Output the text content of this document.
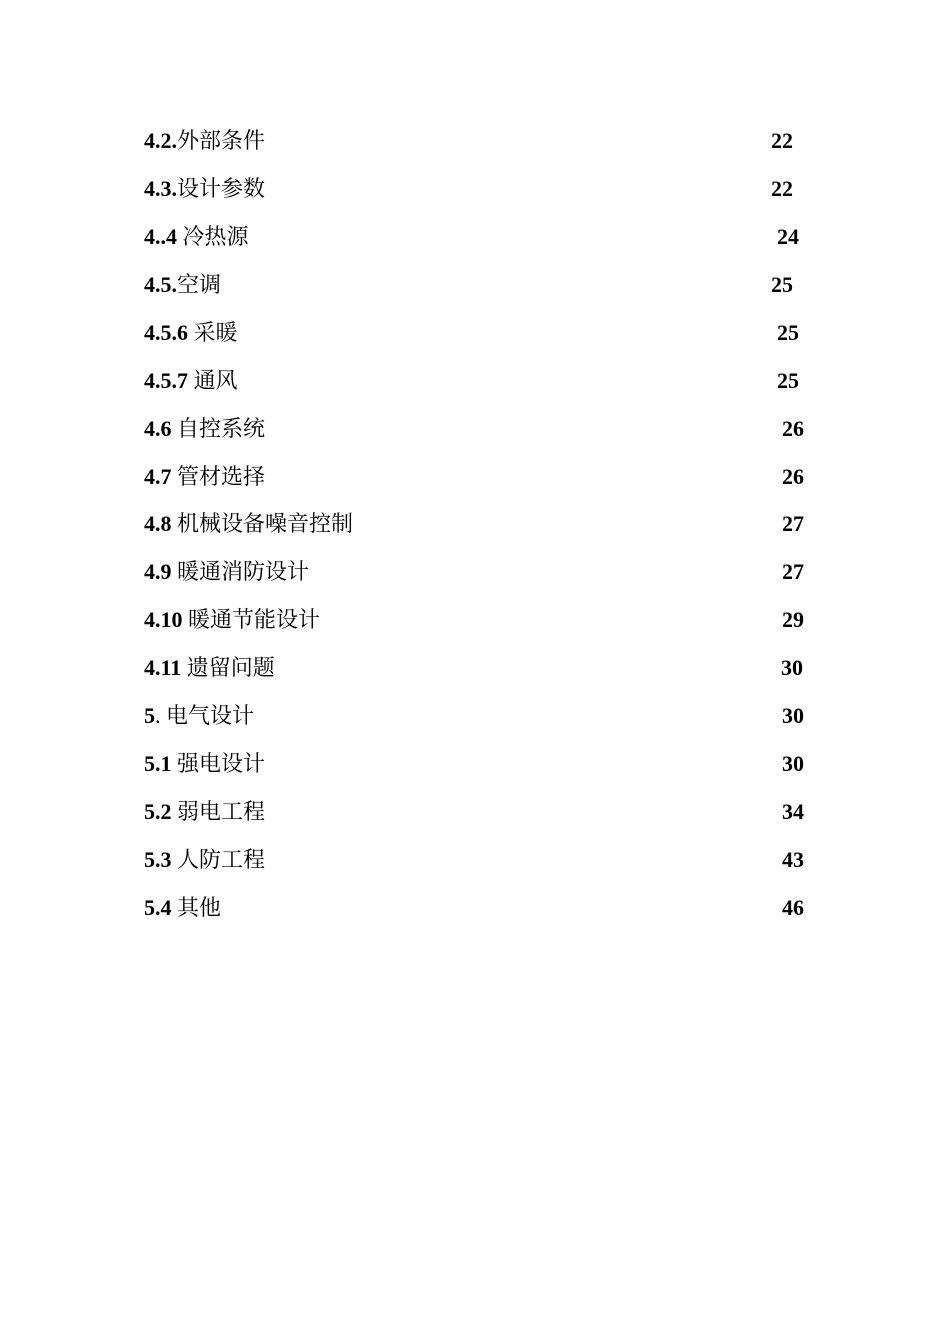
4.2.外部条件	22
4.3.设计参数	22
4..4 冷热源	24
4.5.空调	25
4.5.6 采暖	25
4.5.7 通风	25
4.6 自控系统	26
4.7 管材选择	26
4.8 机械设备噪音控制	27
4.9 暖通消防设计	27
4.10 暖通节能设计	29
4.11 遗留问题	30
5. 电气设计	30
5.1 强电设计	30
5.2 弱电工程	34
5.3 人防工程	43
5.4 其他	46
